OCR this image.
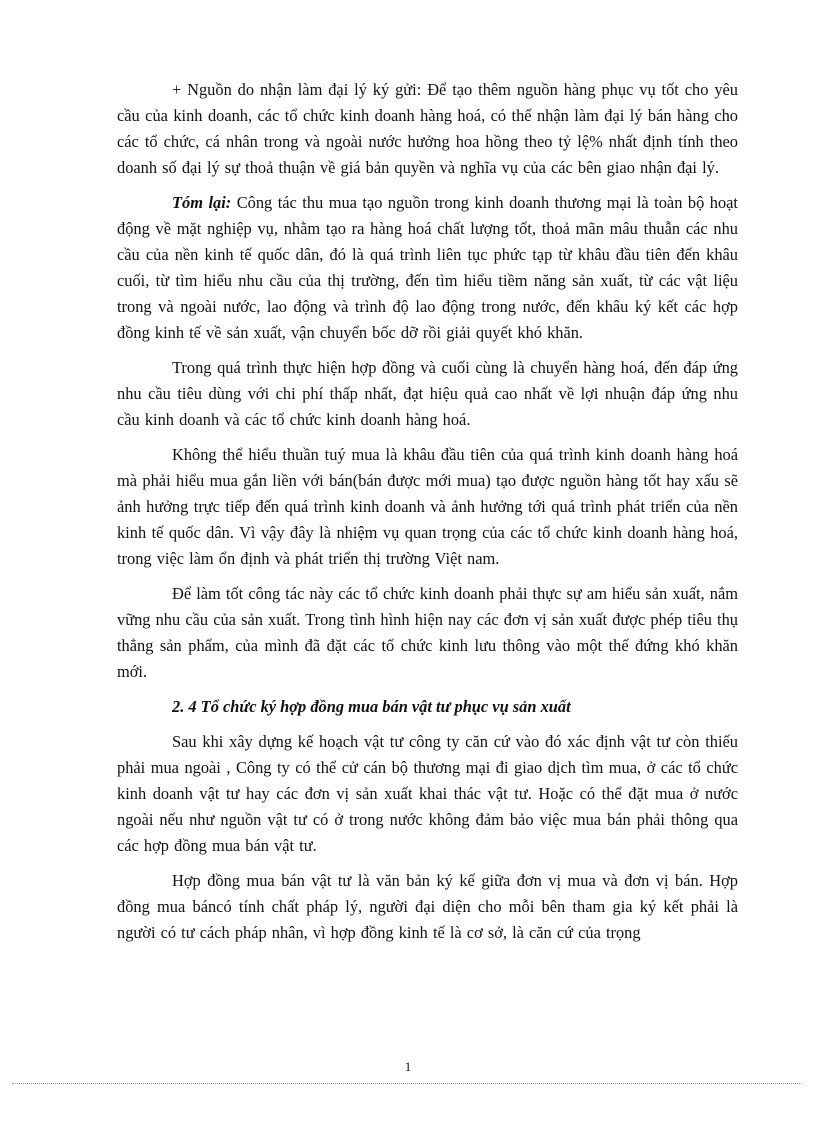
+ Nguồn do nhận làm đại lý ký gửi: Để tạo thêm nguồn hàng phục vụ tốt cho yêu cầu của kinh doanh, các tổ chức kinh doanh hàng hoá, có thể nhận làm đại lý bán hàng cho các tổ chức, cá nhân trong và ngoài nước hưởng hoa hồng theo tỷ lệ% nhất định tính theo doanh số đại lý sự thoả thuận về giá bản quyền và nghĩa vụ của các bên giao nhận đại lý.

Tóm lại: Công tác thu mua tạo nguồn trong kinh doanh thương mại là toàn bộ hoạt động về mặt nghiệp vụ, nhằm tạo ra hàng hoá chất lượng tốt, thoả mãn mâu thuẫn các nhu cầu của nền kinh tế quốc dân, đó là quá trình liên tục phức tạp từ khâu đầu tiên đến khâu cuối, từ tìm hiểu nhu cầu của thị trường, đến tìm hiểu tiềm năng sản xuất, từ các vật liệu trong và ngoài nước, lao động và trình độ lao động trong nước, đến khâu ký kết các hợp đồng kinh tế về sản xuất, vận chuyển bốc dỡ rồi giải quyết khó khăn.

Trong quá trình thực hiện hợp đồng và cuối cùng là chuyển hàng hoá, đến đáp ứng nhu cầu tiêu dùng với chi phí thấp nhất, đạt hiệu quả cao nhất về lợi nhuận đáp ứng nhu cầu kinh doanh và các tổ chức kinh doanh hàng hoá.

Không thể hiểu thuần tuý mua là khâu đầu tiên của quá trình kinh doanh hàng hoá mà phải hiểu mua gắn liền với bán(bán được mới mua) tạo được nguồn hàng tốt hay xấu sẽ ảnh hưởng trực tiếp đến quá trình kinh doanh và ảnh hưởng tới quá trình phát triển của nền kinh tế quốc dân. Vì vậy đây là nhiệm vụ quan trọng của các tổ chức kinh doanh hàng hoá, trong việc làm ổn định và phát triển thị trường Việt nam.

Để làm tốt công tác này các tổ chức kinh doanh phải thực sự am hiểu sản xuất, nắm vững nhu cầu của sản xuất. Trong tình hình hiện nay các đơn vị sản xuất được phép tiêu thụ thẳng sản phẩm, của mình đã đặt các tổ chức kinh lưu thông vào một thế đứng khó khăn mới.

2. 4 Tổ chức ký hợp đồng mua bán vật tư phục vụ sản xuất

Sau khi xây dựng kế hoạch vật tư công ty căn cứ vào đó xác định vật tư còn thiếu phải mua ngoài , Công ty có thể cử cán bộ thương mại đi giao dịch tìm mua, ở các tổ chức kinh doanh vật tư hay các đơn vị sản xuất khai thác vật tư. Hoặc có thể đặt mua ở nước ngoài nếu như nguồn vật tư có ở trong nước không đảm bảo việc mua bán phải thông qua các hợp đồng mua bán vật tư.

Hợp đồng mua bán vật tư là văn bản ký kế giữa đơn vị mua và đơn vị bán. Hợp đồng mua báncó tính chất pháp lý, người đại diện cho mỗi bên tham gia ký kết phải là người có tư cách pháp nhân, vì hợp đồng kinh tế là cơ sở, là căn cứ của trọng

1
